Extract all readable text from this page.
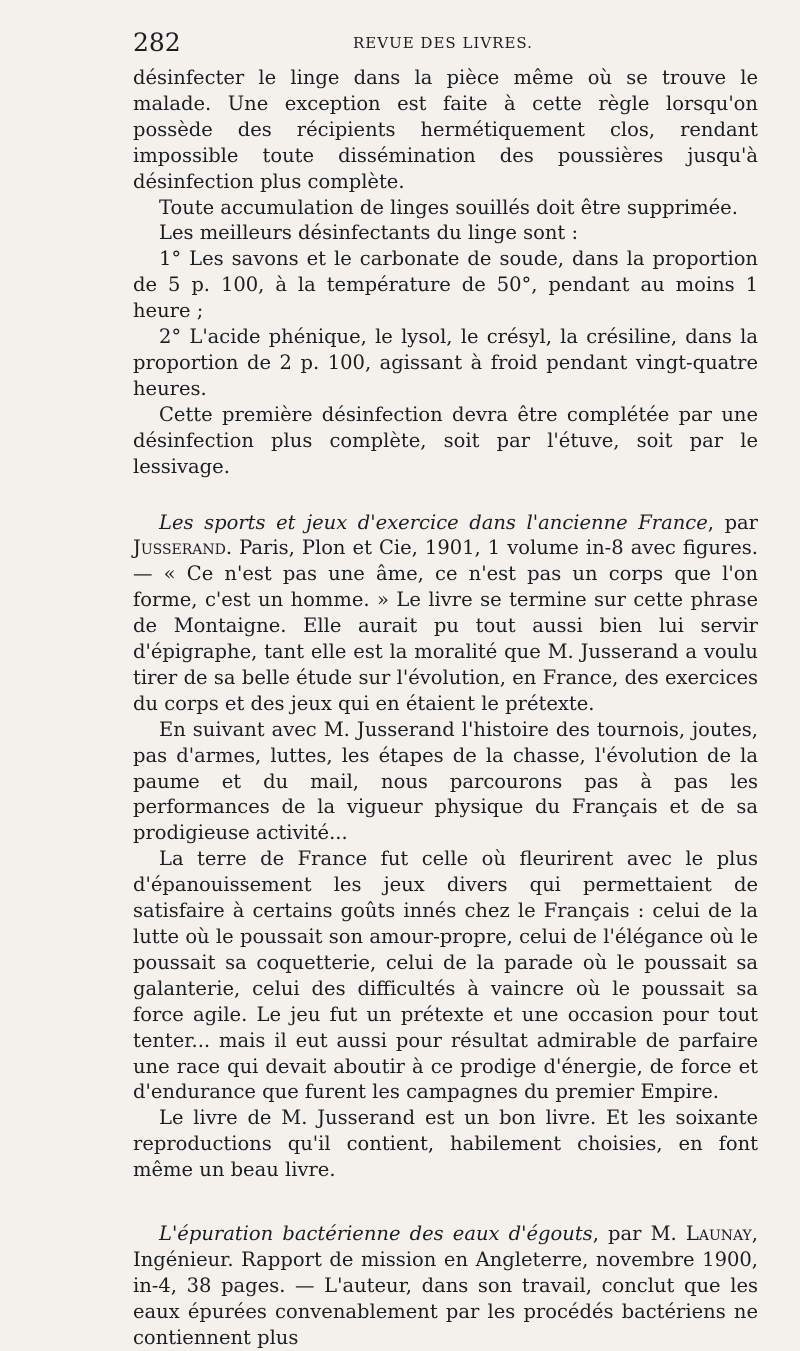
282	REVUE DES LIVRES.

désinfecter le linge dans la pièce même où se trouve le malade. Une exception est faite à cette règle lorsqu'on possède des récipients hermétiquement clos, rendant impossible toute dissémination des poussières jusqu'à désinfection plus complète.

Toute accumulation de linges souillés doit être supprimée.

Les meilleurs désinfectants du linge sont :

1° Les savons et le carbonate de soude, dans la proportion de 5 p. 100, à la température de 50°, pendant au moins 1 heure ;

2° L'acide phénique, le lysol, le crésyl, la crésiline, dans la proportion de 2 p. 100, agissant à froid pendant vingt-quatre heures.

Cette première désinfection devra être complétée par une désinfection plus complète, soit par l'étuve, soit par le lessivage.

Les sports et jeux d'exercice dans l'ancienne France, par Jusserand. Paris, Plon et Cie, 1901, 1 volume in-8 avec figures. — « Ce n'est pas une âme, ce n'est pas un corps que l'on forme, c'est un homme. » Le livre se termine sur cette phrase de Montaigne. Elle aurait pu tout aussi bien lui servir d'épigraphe, tant elle est la moralité que M. Jusserand a voulu tirer de sa belle étude sur l'évolution, en France, des exercices du corps et des jeux qui en étaient le prétexte.

En suivant avec M. Jusserand l'histoire des tournois, joutes, pas d'armes, luttes, les étapes de la chasse, l'évolution de la paume et du mail, nous parcourons pas à pas les performances de la vigueur physique du Français et de sa prodigieuse activité...

La terre de France fut celle où fleurirent avec le plus d'épanouissement les jeux divers qui permettaient de satisfaire à certains goûts innés chez le Français : celui de la lutte où le poussait son amour-propre, celui de l'élégance où le poussait sa coquetterie, celui de la parade où le poussait sa galanterie, celui des difficultés à vaincre où le poussait sa force agile. Le jeu fut un prétexte et une occasion pour tout tenter... mais il eut aussi pour résultat admirable de parfaire une race qui devait aboutir à ce prodige d'énergie, de force et d'endurance que furent les campagnes du premier Empire.

Le livre de M. Jusserand est un bon livre. Et les soixante reproductions qu'il contient, habilement choisies, en font même un beau livre.

L'épuration bactérienne des eaux d'égouts, par M. Launay, Ingénieur. Rapport de mission en Angleterre, novembre 1900, in-4, 38 pages. — L'auteur, dans son travail, conclut que les eaux épurées convenablement par les procédés bactériens ne contiennent plus
